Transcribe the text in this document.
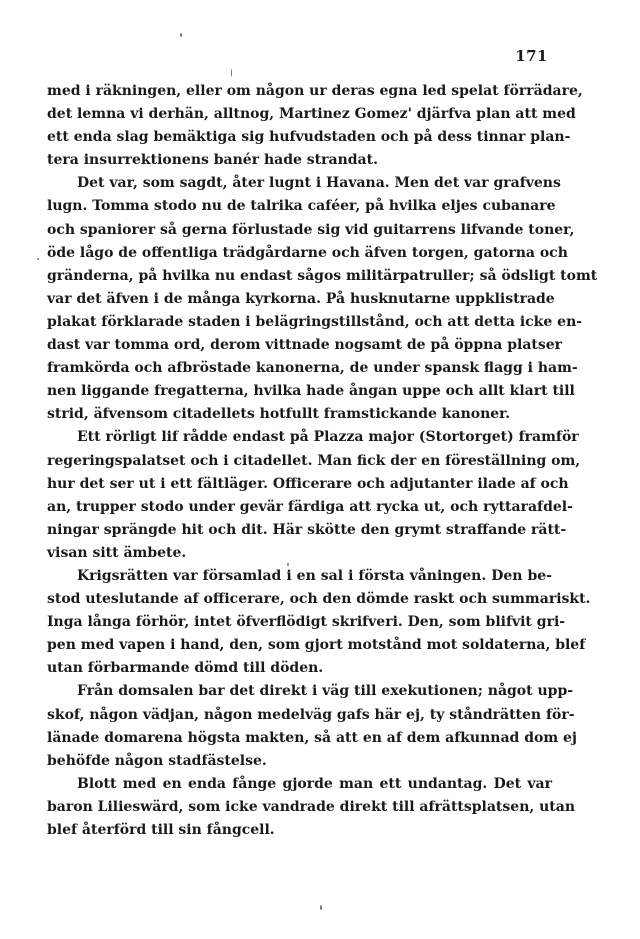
171
med i räkningen, eller om någon ur deras egna led spelat förrädare,
det lemna vi derhän, alltnog, Martinez Gomez' djärfva plan att med
ett enda slag bemäktiga sig hufvudstaden och på dess tinnar plan-
tera insurrektionens banér hade strandat.
Det var, som sagdt, åter lugnt i Havana. Men det var grafvens
lugn. Tomma stodo nu de talrika caféer, på hvilka eljes cubanare
och spaniorer så gerna förlustade sig vid guitarrens lifvande toner,
öde lågo de offentliga trädgårdarne och äfven torgen, gatorna och
gränderna, på hvilka nu endast sågos militärpatruller; så ödsligt tomt
var det äfven i de många kyrkorna. På husknutarne uppklistrade
plakat förklarade staden i belägringstillstånd, och att detta icke en-
dast var tomma ord, derom vittnade nogsamt de på öppna platser
framkörda och afbröstade kanonerna, de under spansk flagg i ham-
nen liggande fregatterna, hvilka hade ångan uppe och allt klart till
strid, äfvensom citadellets hotfullt framstickande kanoner.
Ett rörligt lif rådde endast på Plazza major (Stortorget) framför
regeringspalatset och i citadellet. Man fick der en föreställning om,
hur det ser ut i ett fältläger. Officerare och adjutanter ilade af och
an, trupper stodo under gevär färdiga att rycka ut, och ryttarafdel-
ningar sprängde hit och dit. Här skötte den grymt straffande rätt-
visan sitt ämbete.
Krigsrätten var församlad i en sal i första våningen. Den be-
stod uteslutande af officerare, och den dömde raskt och summariskt.
Inga långa förhör, intet öfverflödigt skrifveri. Den, som blifvit gri-
pen med vapen i hand, den, som gjort motstånd mot soldaterna, blef
utan förbarmande dömd till döden.
Från domsalen bar det direkt i väg till exekutionen; något upp-
skof, någon vädjan, någon medelväg gafs här ej, ty ståndrätten för-
länade domarena högsta makten, så att en af dem afkunnad dom ej
behöfde någon stadfästelse.
Blott med en enda fånge gjorde man ett undantag. Det var
baron Lilieswärd, som icke vandrade direkt till afrättsplatsen, utan
blef återförd till sin fångcell.
